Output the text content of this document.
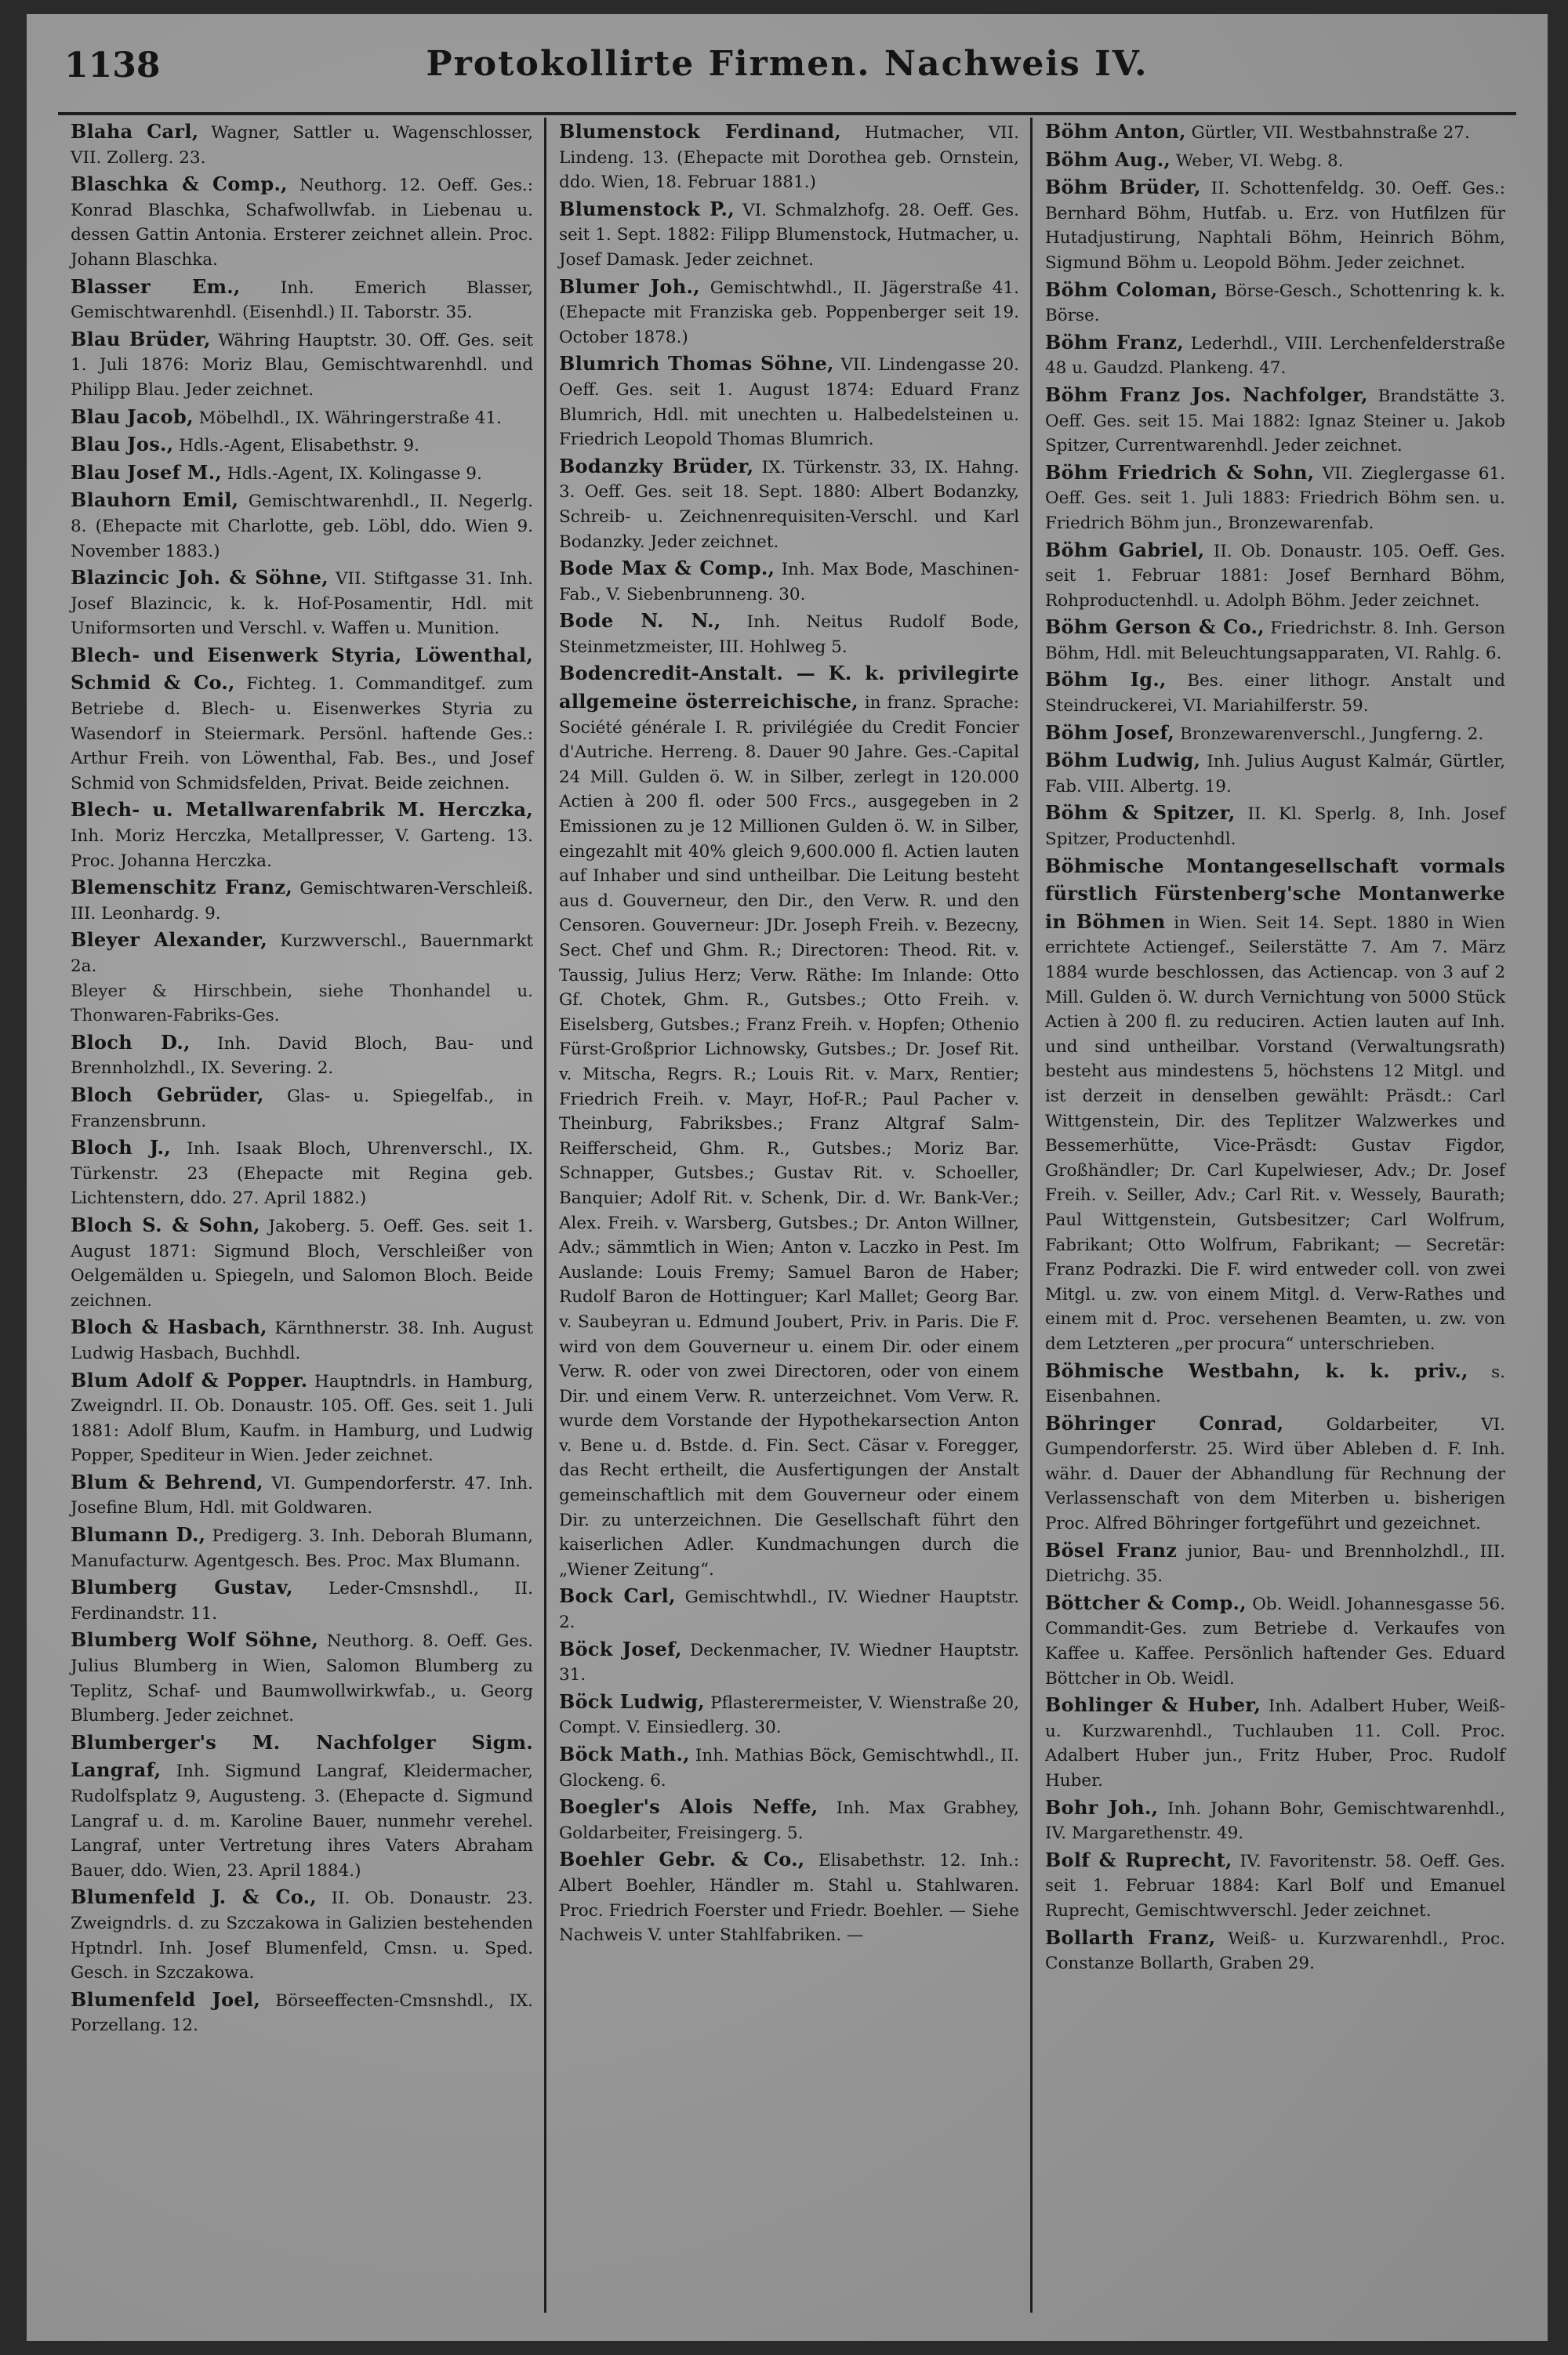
1138	Protokollirte Firmen. Nachweis IV.

Blaha Carl, Wagner, Sattler u. Wagenschlosser, VII. Zollerg. 23.

Blaschka & Comp., Neuthorg. 12. Oeff. Ges.: Konrad Blaschka, Schafwollwfab. in Liebenau u. dessen Gattin Antonia. Ersterer zeichnet allein. Proc. Johann Blaschka.

Blasser Em., Inh. Emerich Blasser, Gemischtwarenhdl. (Eisenhdl.) II. Taborstr. 35.

Blau Brüder, Währing Hauptstr. 30. Off. Ges. seit 1. Juli 1876: Moriz Blau, Gemischtwarenhdl. und Philipp Blau. Jeder zeichnet.

Blau Jacob, Möbelhdl., IX. Währingerstraße 41.

Blau Jos., Hdls.-Agent, Elisabethstr. 9.

Blau Josef M., Hdls.-Agent, IX. Kolingasse 9.

Blauhorn Emil, Gemischtwarenhdl., II. Negerlg. 8. (Ehepacte mit Charlotte, geb. Löbl, ddo. Wien 9. November 1883.)

Blazincic Joh. & Söhne, VII. Stiftgasse 31. Inh. Josef Blazincic, k. k. Hof-Posamentir, Hdl. mit Uniformsorten und Verschl. v. Waffen u. Munition.

Blech- und Eisenwerk Styria, Löwenthal, Schmid & Co., Fichteg. 1. Commanditgef. zum Betriebe d. Blech- u. Eisenwerkes Styria zu Wasendorf in Steiermark. Persönl. haftende Ges.: Arthur Freih. von Löwenthal, Fab. Bes., und Josef Schmid von Schmidsfelden, Privat. Beide zeichnen.

Blech- u. Metallwarenfabrik M. Herczka,Inh. Moriz Herczka, Metallpresser, V. Garteng. 13. Proc. Johanna Herczka.

Blemenschitz Franz, Gemischtwaren-Verschleiß. III. Leonhardg. 9.

Bleyer Alexander, Kurzwverschl., Bauernmarkt 2a.

Bleyer & Hirschbein, siehe Thonhandel u. Thonwaren-Fabriks-Ges.

Bloch D., Inh. David Bloch, Bau- und Brennholzhdl., IX. Severing. 2.

Bloch Gebrüder, Glas- u. Spiegelfab., in Franzensbrunn.

Bloch J., Inh. Isaak Bloch, Uhrenverschl., IX. Türkenstr. 23 (Ehepacte mit Regina geb. Lichtenstern, ddo. 27. April 1882.)

Bloch S. & Sohn, Jakoberg. 5. Oeff. Ges. seit 1. August 1871: Sigmund Bloch, Verschleißer von Oelgemälden u. Spiegeln, und Salomon Bloch. Beide zeichnen.

Bloch & Hasbach, Kärnthnerstr. 38. Inh. August Ludwig Hasbach, Buchhdl.

Blum Adolf & Popper. Hauptndrls. in Hamburg, Zweigndrl. II. Ob. Donaustr. 105. Off. Ges. seit 1. Juli 1881: Adolf Blum, Kaufm. in Hamburg, und Ludwig Popper, Spediteur in Wien. Jeder zeichnet.

Blum & Behrend, VI. Gumpendorferstr. 47. Inh. Josefine Blum, Hdl. mit Goldwaren.

Blumann D., Predigerg. 3. Inh. Deborah Blumann, Manufacturw. Agentgesch. Bes. Proc. Max Blumann.

Blumberg Gustav, Leder-Cmsnshdl., II. Ferdinandstr. 11.

Blumberg Wolf Söhne, Neuthorg. 8. Oeff. Ges. Julius Blumberg in Wien, Salomon Blumberg zu Teplitz, Schaf- und Baumwollwirkwfab., u. Georg Blumberg. Jeder zeichnet.

Blumberger's M. Nachfolger Sigm. Langraf, Inh. Sigmund Langraf, Kleidermacher, Rudolfsplatz 9, Augusteng. 3. (Ehepacte d. Sigmund Langraf u. d. m. Karoline Bauer, nunmehr verehel. Langraf, unter Vertretung ihres Vaters Abraham Bauer, ddo. Wien, 23. April 1884.)

Blumenfeld J. & Co., II. Ob. Donaustr. 23. Zweigndrls. d. zu Szczakowa in Galizien bestehenden Hptndrl. Inh. Josef Blumenfeld, Cmsn. u. Sped. Gesch. in Szczakowa.

Blumenfeld Joel, Börseeffecten-Cmsnshdl., IX. Porzellang. 12.

Blumenstock Ferdinand, Hutmacher, VII. Lindeng. 13. (Ehepacte mit Dorothea geb. Ornstein, ddo. Wien, 18. Februar 1881.)

Blumenstock P., VI. Schmalzhofg. 28. Oeff. Ges. seit 1. Sept. 1882: Filipp Blumenstock, Hutmacher, u. Josef Damask. Jeder zeichnet.

Blumer Joh., Gemischtwhdl., II. Jägerstraße 41. (Ehepacte mit Franziska geb. Poppenberger seit 19. October 1878.)

Blumrich Thomas Söhne, VII. Lindengasse 20. Oeff. Ges. seit 1. August 1874: Eduard Franz Blumrich, Hdl. mit unechten u. Halbedelsteinen u. Friedrich Leopold Thomas Blumrich.

Bodanzky Brüder, IX. Türkenstr. 33, IX. Hahng. 3. Oeff. Ges. seit 18. Sept. 1880: Albert Bodanzky, Schreib- u. Zeichnenrequisiten-Verschl. und Karl Bodanzky. Jeder zeichnet.

Bode Max & Comp., Inh. Max Bode, Maschinen-Fab., V. Siebenbrunneng. 30.

Bode N. N., Inh. Neitus Rudolf Bode, Steinmetzmeister, III. Hohlweg 5.

Bodencredit-Anstalt. — K. k. privilegirte allgemeine österreichische, in franz. Sprache: Société générale I. R. privilégiée du Credit Foncier d'Autriche. Herreng. 8. Dauer 90 Jahre. Ges.-Capital 24 Mill. Gulden ö. W. in Silber, zerlegt in 120.000 Actien à 200 fl. oder 500 Frcs., ausgegeben in 2 Emissionen zu je 12 Millionen Gulden ö. W. in Silber, eingezahlt mit 40% gleich 9,600.000 fl. Actien lauten auf Inhaber und sind untheilbar. Die Leitung besteht aus d. Gouverneur, den Dir., den Verw. R. und den Censoren. Gouverneur: JDr. Joseph Freih. v. Bezecny, Sect. Chef und Ghm. R.; Directoren: Theod. Rit. v. Taussig, Julius Herz; Verw. Räthe: Im Inlande: Otto Gf. Chotek, Ghm. R., Gutsbes.; Otto Freih. v. Eiselsberg, Gutsbes.; Franz Freih. v. Hopfen; Othenio Fürst-Großprior Lichnowsky, Gutsbes.; Dr. Josef Rit. v. Mitscha, Regrs. R.; Louis Rit. v. Marx, Rentier; Friedrich Freih. v. Mayr, Hof-R.; Paul Pacher v. Theinburg, Fabriksbes.; Franz Altgraf Salm-Reifferscheid, Ghm. R., Gutsbes.; Moriz Bar. Schnapper, Gutsbes.; Gustav Rit. v. Schoeller, Banquier; Adolf Rit. v. Schenk, Dir. d. Wr. Bank-Ver.; Alex. Freih. v. Warsberg, Gutsbes.; Dr. Anton Willner, Adv.; sämmtlich in Wien; Anton v. Laczko in Pest. Im Auslande: Louis Fremy; Samuel Baron de Haber; Rudolf Baron de Hottinguer; Karl Mallet; Georg Bar. v. Saubeyran u. Edmund Joubert, Priv. in Paris. Die F. wird von dem Gouverneur u. einem Dir. oder einem Verw. R. oder von zwei Directoren, oder von einem Dir. und einem Verw. R. unterzeichnet. Vom Verw. R. wurde dem Vorstande der Hypothekarsection Anton v. Bene u. d. Bstde. d. Fin. Sect. Cäsar v. Foregger, das Recht ertheilt, die Ausfertigungen der Anstalt gemeinschaftlich mit dem Gouverneur oder einem Dir. zu unterzeichnen. Die Gesellschaft führt den kaiserlichen Adler. Kundmachungen durch die „Wiener Zeitung“.

Bock Carl, Gemischtwhdl., IV. Wiedner Hauptstr. 2.

Böck Josef, Deckenmacher, IV. Wiedner Hauptstr. 31.

Böck Ludwig, Pflasterermeister, V. Wienstraße 20, Compt. V. Einsiedlerg. 30.

Böck Math., Inh. Mathias Böck, Gemischtwhdl., II. Glockeng. 6.

Boegler's Alois Neffe, Inh. Max Grabhey, Goldarbeiter, Freisingerg. 5.

Boehler Gebr. & Co., Elisabethstr. 12. Inh.: Albert Boehler, Händler m. Stahl u. Stahlwaren. Proc. Friedrich Foerster und Friedr. Boehler. — Siehe Nachweis V. unter Stahlfabriken. —

Böhm Anton, Gürtler, VII. Westbahnstraße 27.

Böhm Aug., Weber, VI. Webg. 8.

Böhm Brüder, II. Schottenfeldg. 30. Oeff. Ges.: Bernhard Böhm, Hutfab. u. Erz. von Hutfilzen für Hutadjustirung, Naphtali Böhm, Heinrich Böhm, Sigmund Böhm u. Leopold Böhm. Jeder zeichnet.

Böhm Coloman, Börse-Gesch., Schottenring k. k. Börse.

Böhm Franz, Lederhdl., VIII. Lerchenfelderstraße 48 u. Gaudzd. Plankeng. 47.

Böhm Franz Jos. Nachfolger, Brandstätte 3. Oeff. Ges. seit 15. Mai 1882: Ignaz Steiner u. Jakob Spitzer, Currentwarenhdl. Jeder zeichnet.

Böhm Friedrich & Sohn, VII. Zieglergasse 61. Oeff. Ges. seit 1. Juli 1883: Friedrich Böhm sen. u. Friedrich Böhm jun., Bronzewarenfab.

Böhm Gabriel, II. Ob. Donaustr. 105. Oeff. Ges. seit 1. Februar 1881: Josef Bernhard Böhm, Rohproductenhdl. u. Adolph Böhm. Jeder zeichnet.

Böhm Gerson & Co., Friedrichstr. 8. Inh. Gerson Böhm, Hdl. mit Beleuchtungsapparaten, VI. Rahlg. 6.

Böhm Ig., Bes. einer lithogr. Anstalt und Steindruckerei, VI. Mariahilferstr. 59.

Böhm Josef, Bronzewarenverschl., Jungferng. 2.

Böhm Ludwig, Inh. Julius August Kalmár, Gürtler, Fab. VIII. Albertg. 19.

Böhm & Spitzer, II. Kl. Sperlg. 8, Inh. Josef Spitzer, Productenhdl.

Böhmische Montangesellschaft vormals fürstlich Fürstenberg'sche Montanwerke in Böhmen in Wien. Seit 14. Sept. 1880 in Wien errichtete Actiengef., Seilerstätte 7. Am 7. März 1884 wurde beschlossen, das Actiencap. von 3 auf 2 Mill. Gulden ö. W. durch Vernichtung von 5000 Stück Actien à 200 fl. zu reduciren. Actien lauten auf Inh. und sind untheilbar. Vorstand (Verwaltungsrath) besteht aus mindestens 5, höchstens 12 Mitgl. und ist derzeit in denselben gewählt: Präsdt.: Carl Wittgenstein, Dir. des Teplitzer Walzwerkes und Bessemerhütte, Vice-Präsdt: Gustav Figdor, Großhändler; Dr. Carl Kupelwieser, Adv.; Dr. Josef Freih. v. Seiller, Adv.; Carl Rit. v. Wessely, Baurath; Paul Wittgenstein, Gutsbesitzer; Carl Wolfrum, Fabrikant; Otto Wolfrum, Fabrikant; — Secretär: Franz Podrazki. Die F. wird entweder coll. von zwei Mitgl. u. zw. von einem Mitgl. d. Verw-Rathes und einem mit d. Proc. versehenen Beamten, u. zw. von dem Letzteren „per procura“ unterschrieben.

Böhmische Westbahn, k. k. priv., s. Eisenbahnen.

Böhringer Conrad,	Goldarbeiter, VI. Gumpendorferstr. 25. Wird über Ableben d. F. Inh. währ. d. Dauer der Abhandlung für Rechnung der Verlassenschaft von dem Miterben u. bisherigen Proc. Alfred Böhringer fortgeführt und gezeichnet.

Bösel Franz junior, Bau- und Brennholzhdl., III. Dietrichg. 35.

Böttcher & Comp., Ob. Weidl. Johannesgasse 56. Commandit-Ges. zum Betriebe d. Verkaufes von Kaffee u. Kaffee. Persönlich haftender Ges. Eduard Böttcher in Ob. Weidl.

Bohlinger & Huber, Inh. Adalbert Huber, Weiß- u. Kurzwarenhdl., Tuchlauben 11. Coll. Proc. Adalbert Huber jun., Fritz Huber, Proc. Rudolf Huber.

Bohr Joh., Inh. Johann Bohr, Gemischtwarenhdl., IV. Margarethenstr. 49.

Bolf & Ruprecht, IV. Favoritenstr. 58. Oeff. Ges. seit 1. Februar 1884: Karl Bolf und Emanuel Ruprecht, Gemischtwverschl. Jeder zeichnet.

Bollarth Franz, Weiß- u. Kurzwarenhdl., Proc. Constanze Bollarth, Graben 29.
